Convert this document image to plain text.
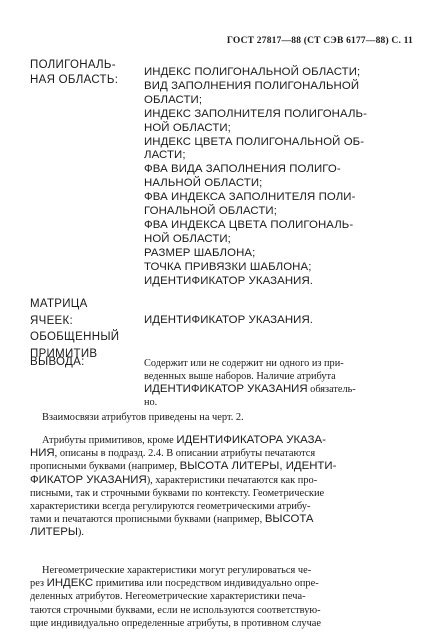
ГОСТ 27817—88 (СТ СЭВ 6177—88) С. 11
ПОЛИГОНАЛЬ-
НАЯ ОБЛАСТЬ:
ИНДЕКС ПОЛИГОНАЛЬНОЙ ОБЛАСТИ;
ВИД ЗАПОЛНЕНИЯ ПОЛИГОНАЛЬНОЙ
ОБЛАСТИ;
ИНДЕКС ЗАПОЛНИТЕЛЯ ПОЛИГОНАЛЬ-
НОЙ ОБЛАСТИ;
ИНДЕКС ЦВЕТА ПОЛИГОНАЛЬНОЙ ОБ-
ЛАСТИ;
ФВА ВИДА ЗАПОЛНЕНИЯ ПОЛИГО-
НАЛЬНОЙ ОБЛАСТИ;
ФВА ИНДЕКСА ЗАПОЛНИТЕЛЯ ПОЛИ-
ГОНАЛЬНОЙ ОБЛАСТИ;
ФВА ИНДЕКСА ЦВЕТА ПОЛИГОНАЛЬ-
НОЙ ОБЛАСТИ;
РАЗМЕР ШАБЛОНА;
ТОЧКА ПРИВЯЗКИ ШАБЛОНА;
ИДЕНТИФИКАТОР УКАЗАНИЯ.
МАТРИЦА
ЯЧЕЕК:
ОБОБЩЕННЫЙ
ПРИМИТИВ
ИДЕНТИФИКАТОР УКАЗАНИЯ.
ВЫВОДА:	Содержит или не содержит ни одного из при-
веденных выше наборов. Наличие атрибута
ИДЕНТИФИКАТОР УКАЗАНИЯ обязатель-
но.

Взаимосвязи атрибутов приведены на черт. 2.

Атрибуты примитивов, кроме ИДЕНТИФИКАТОРА УКАЗА-
НИЯ, описаны в подразд. 2.4. В описании атрибуты печатаются
прописными буквами (например, ВЫСОТА ЛИТЕРЫ, ИДЕНТИ-
ФИКАТОР УКАЗАНИЯ), характеристики печатаются как про-
писными, так и строчными буквами по контексту. Геометрические
характеристики всегда регулируются геометрическими атрибу-
тами и печатаются прописными буквами (например, ВЫСОТА
ЛИТЕРЫ).
Негеометрические характеристики могут регулироваться че-
рез ИНДЕКС примитива или посредством индивидуально опре-
деленных атрибутов. Негеометрические характеристики печа-
таются строчными буквами, если не используются соответствую-
щие индивидуально определенные атрибуты, в противном случае
